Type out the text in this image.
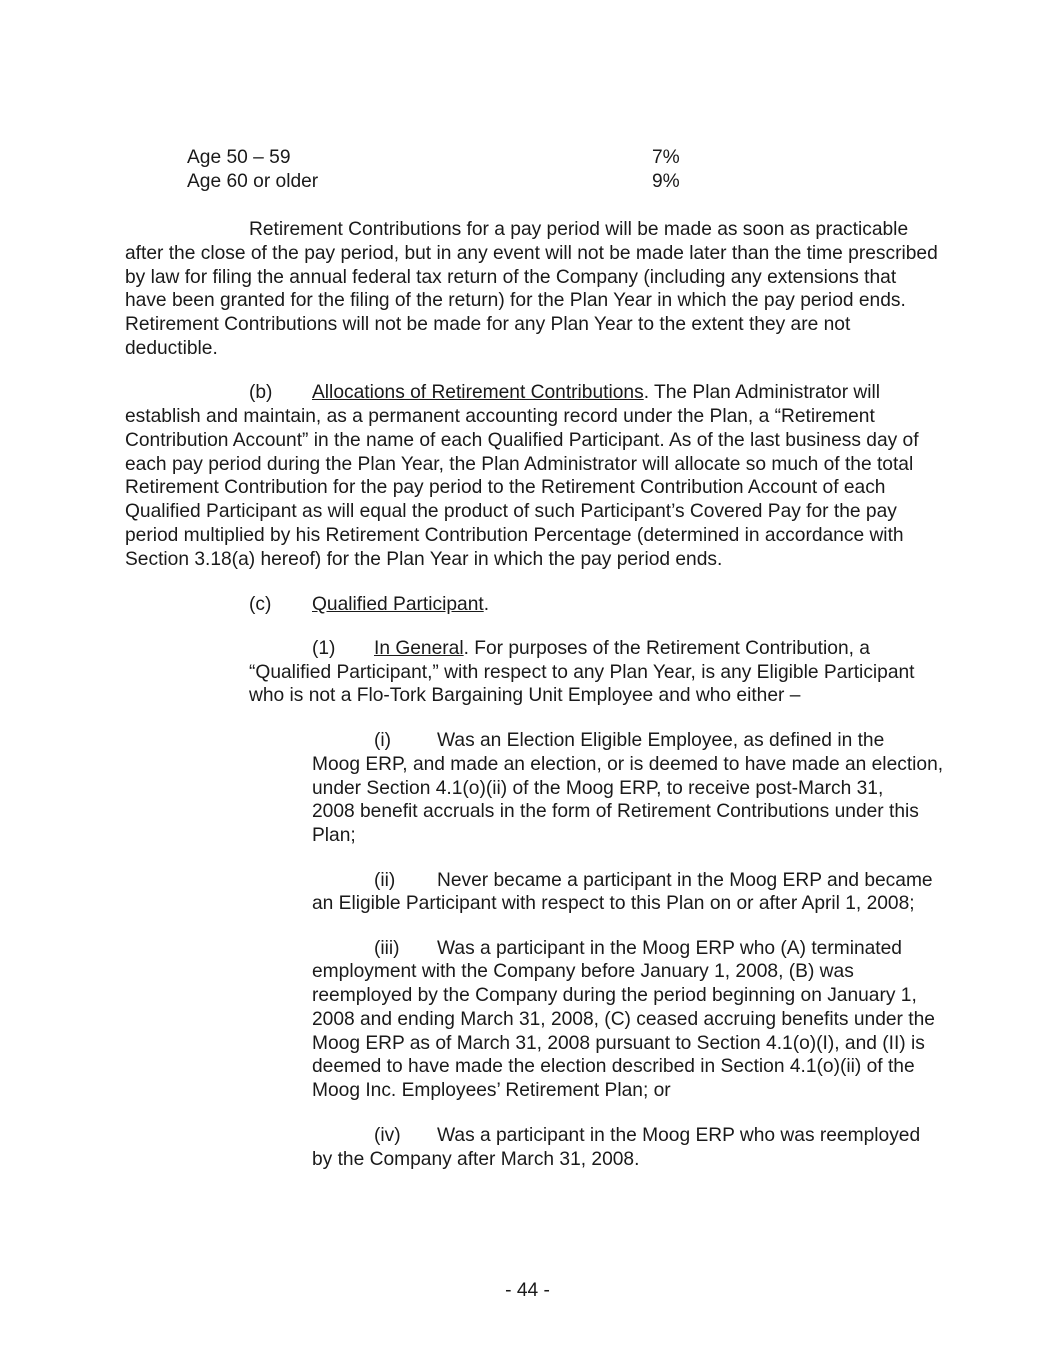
Age 50 – 59	7%
Age 60 or older	9%
Retirement Contributions for a pay period will be made as soon as practicable
after the close of the pay period, but in any event will not be made later than the time prescribed
by law for filing the annual federal tax return of the Company (including any extensions that
have been granted for the filing of the return) for the Plan Year in which the pay period ends.
Retirement Contributions will not be made for any Plan Year to the extent they are not
deductible.
(b) Allocations of Retirement Contributions. The Plan Administrator will
establish and maintain, as a permanent accounting record under the Plan, a “Retirement
Contribution Account” in the name of each Qualified Participant. As of the last business day of
each pay period during the Plan Year, the Plan Administrator will allocate so much of the total
Retirement Contribution for the pay period to the Retirement Contribution Account of each
Qualified Participant as will equal the product of such Participant’s Covered Pay for the pay
period multiplied by his Retirement Contribution Percentage (determined in accordance with
Section 3.18(a) hereof) for the Plan Year in which the pay period ends.
(c) Qualified Participant.
(1) In General. For purposes of the Retirement Contribution, a
“Qualified Participant,” with respect to any Plan Year, is any Eligible Participant
who is not a Flo-Tork Bargaining Unit Employee and who either –
(i) Was an Election Eligible Employee, as defined in the
Moog ERP, and made an election, or is deemed to have made an election,
under Section 4.1(o)(ii) of the Moog ERP, to receive post-March 31,
2008 benefit accruals in the form of Retirement Contributions under this
Plan;
(ii) Never became a participant in the Moog ERP and became
an Eligible Participant with respect to this Plan on or after April 1, 2008;
(iii) Was a participant in the Moog ERP who (A) terminated
employment with the Company before January 1, 2008, (B) was
reemployed by the Company during the period beginning on January 1,
2008 and ending March 31, 2008, (C) ceased accruing benefits under the
Moog ERP as of March 31, 2008 pursuant to Section 4.1(o)(I), and (II) is
deemed to have made the election described in Section 4.1(o)(ii) of the
Moog Inc. Employees’ Retirement Plan; or
(iv) Was a participant in the Moog ERP who was reemployed
by the Company after March 31, 2008.
- 44 -
